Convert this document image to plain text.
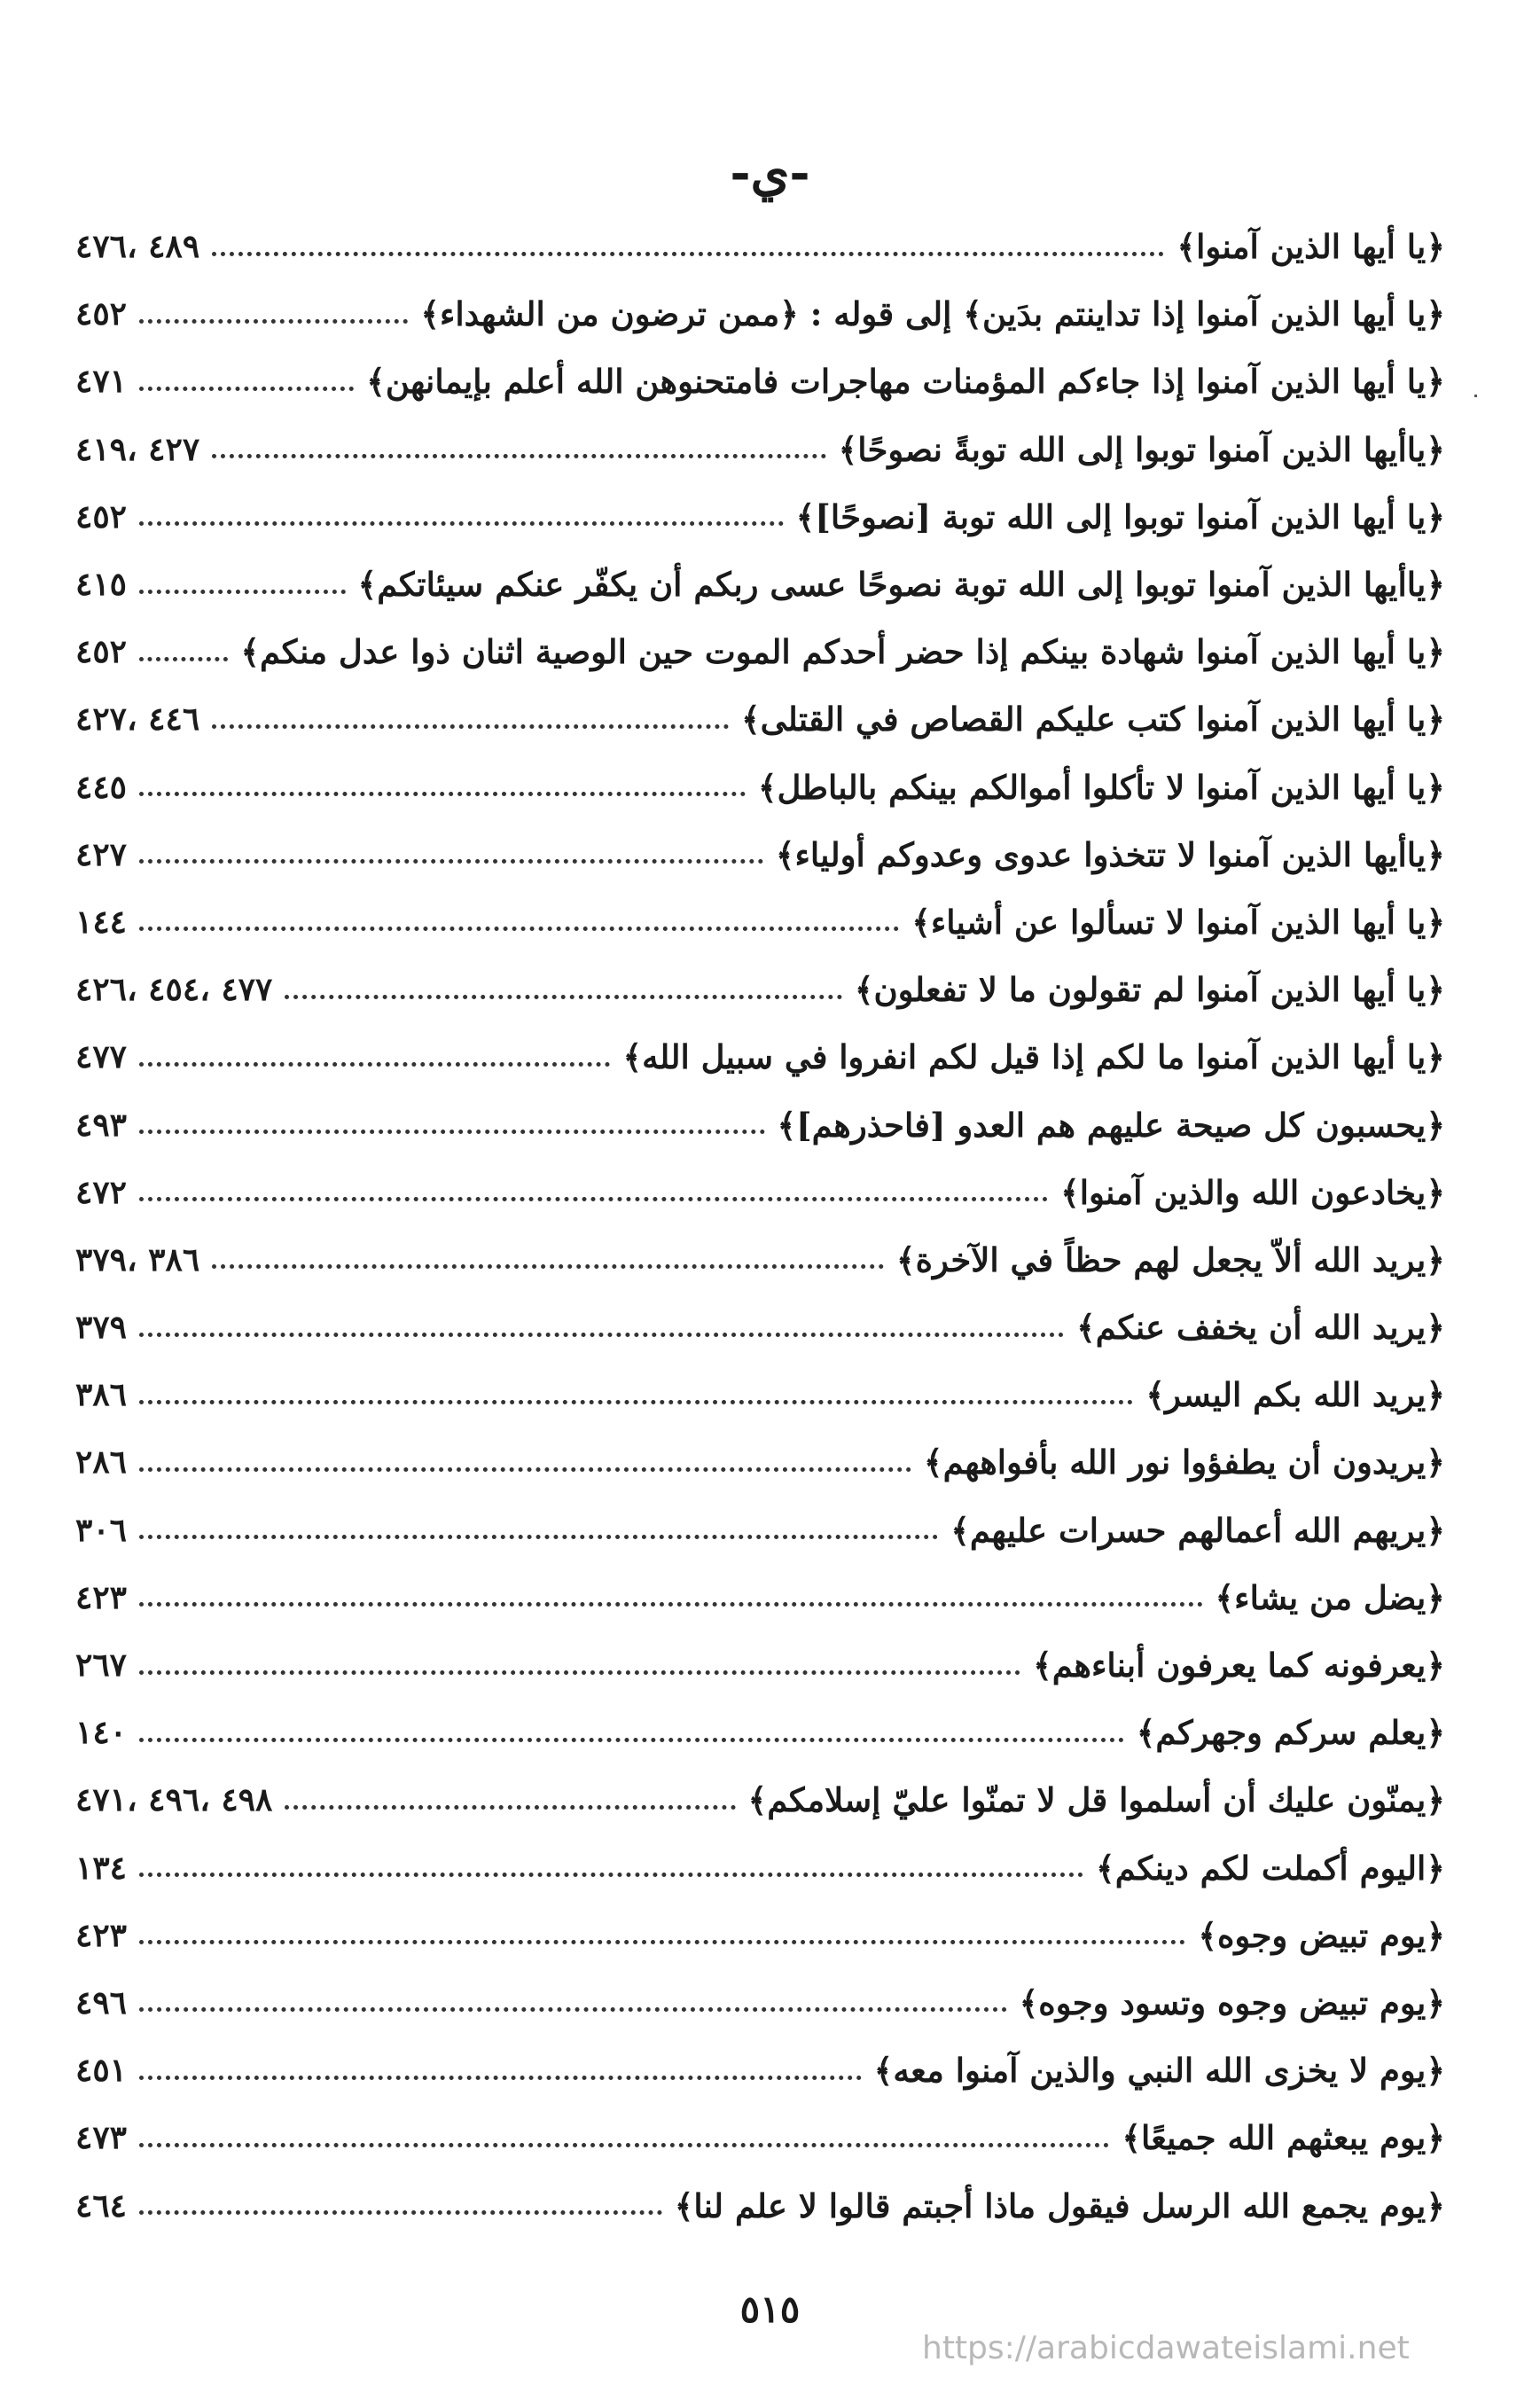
-ي-
﴿يا أيها الذين آمنوا﴾
٤٨٩ ،٤٧٦
﴿يا أيها الذين آمنوا إذا تداينتم بدَين﴾ إلى قوله : ﴿ممن ترضون من الشهداء﴾
٤٥٢
﴿يا أيها الذين آمنوا إذا جاءكم المؤمنات مهاجرات فامتحنوهن الله أعلم بإيمانهن﴾
٤٧١
﴿ياأيها الذين آمنوا توبوا إلى الله توبةً نصوحًا﴾
٤٢٧ ،٤١٩
﴿يا أيها الذين آمنوا توبوا إلى الله توبة [نصوحًا]﴾
٤٥٢
﴿ياأيها الذين آمنوا توبوا إلى الله توبة نصوحًا عسى ربكم أن يكفّر عنكم سيئاتكم﴾
٤١٥
﴿يا أيها الذين آمنوا شهادة بينكم إذا حضر أحدكم الموت حين الوصية اثنان ذوا عدل منكم﴾
٤٥٢
﴿يا أيها الذين آمنوا كتب عليكم القصاص في القتلى﴾
٤٤٦ ،٤٢٧
﴿يا أيها الذين آمنوا لا تأكلوا أموالكم بينكم بالباطل﴾
٤٤٥
﴿ياأيها الذين آمنوا لا تتخذوا عدوى وعدوكم أولياء﴾
٤٢٧
﴿يا أيها الذين آمنوا لا تسألوا عن أشياء﴾
١٤٤
﴿يا أيها الذين آمنوا لم تقولون ما لا تفعلون﴾
٤٧٧ ،٤٥٤ ،٤٢٦
﴿يا أيها الذين آمنوا ما لكم إذا قيل لكم انفروا في سبيل الله﴾
٤٧٧
﴿يحسبون كل صيحة عليهم هم العدو [فاحذرهم]﴾
٤٩٣
﴿يخادعون الله والذين آمنوا﴾
٤٧٢
﴿يريد الله ألاّ يجعل لهم حظاً في الآخرة﴾
٣٨٦ ،٣٧٩
﴿يريد الله أن يخفف عنكم﴾
٣٧٩
﴿يريد الله بكم اليسر﴾
٣٨٦
﴿يريدون أن يطفؤوا نور الله بأفواههم﴾
٢٨٦
﴿يريهم الله أعمالهم حسرات عليهم﴾
٣٠٦
﴿يضل من يشاء﴾
٤٢٣
﴿يعرفونه كما يعرفون أبناءهم﴾
٢٦٧
﴿يعلم سركم وجهركم﴾
١٤٠
﴿يمنّون عليك أن أسلموا قل لا تمنّوا عليّ إسلامكم﴾
٤٩٨ ،٤٩٦ ،٤٧١
﴿اليوم أكملت لكم دينكم﴾
١٣٤
﴿يوم تبيض وجوه﴾
٤٢٣
﴿يوم تبيض وجوه وتسود وجوه﴾
٤٩٦
﴿يوم لا يخزى الله النبي والذين آمنوا معه﴾
٤٥١
﴿يوم يبعثهم الله جميعًا﴾
٤٧٣
﴿يوم يجمع الله الرسل فيقول ماذا أجبتم قالوا لا علم لنا﴾
٤٦٤
٥١٥
https://arabicdawateislami.net
